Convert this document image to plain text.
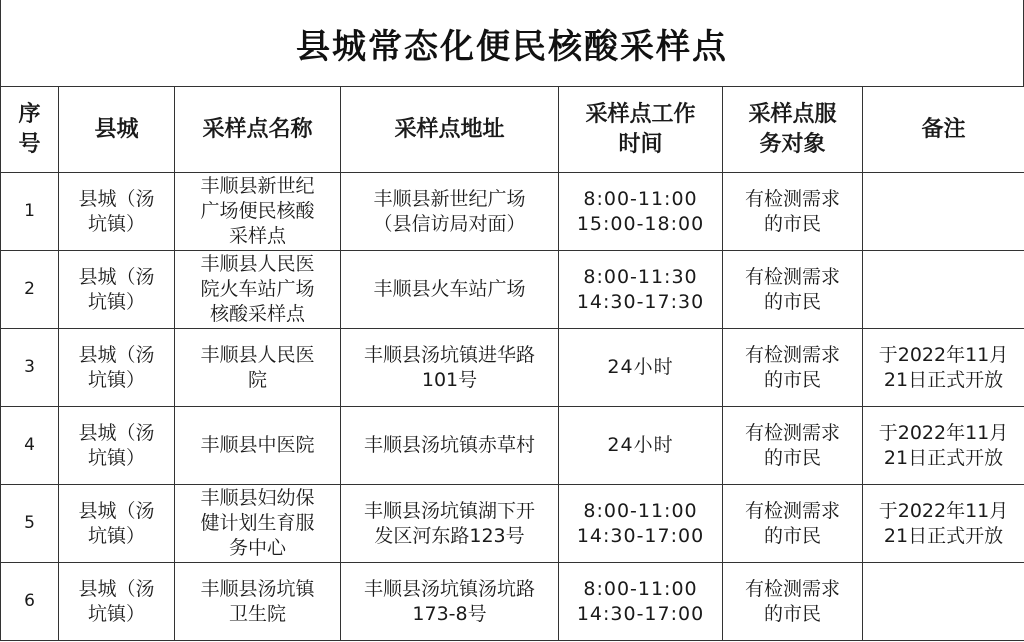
县城常态化便民核酸采样点
序
号	县城	采样点名称	采样点地址	采样点工作
时间	采样点服
务对象	备注

1	县城（汤
坑镇）	丰顺县新世纪
广场便民核酸
采样点	丰顺县新世纪广场
（县信访局对面）	8:00-11:00
15:00-18:00	有检测需求
的市民	

2	县城（汤
坑镇）	丰顺县人民医
院火车站广场
核酸采样点	丰顺县火车站广场	8:00-11:30
14:30-17:30	有检测需求
的市民	

3	县城（汤
坑镇）	丰顺县人民医
院	丰顺县汤坑镇进华路
101号	24小时	有检测需求
的市民	于2022年11月
21日正式开放

4	县城（汤
坑镇）	丰顺县中医院	丰顺县汤坑镇赤草村	24小时	有检测需求
的市民	于2022年11月
21日正式开放

5	县城（汤
坑镇）	丰顺县妇幼保
健计划生育服
务中心	丰顺县汤坑镇湖下开
发区河东路123号	8:00-11:00
14:30-17:00	有检测需求
的市民	于2022年11月
21日正式开放

6	县城（汤
坑镇）	丰顺县汤坑镇
卫生院	丰顺县汤坑镇汤坑路
173-8号	8:00-11:00
14:30-17:00	有检测需求
的市民	
